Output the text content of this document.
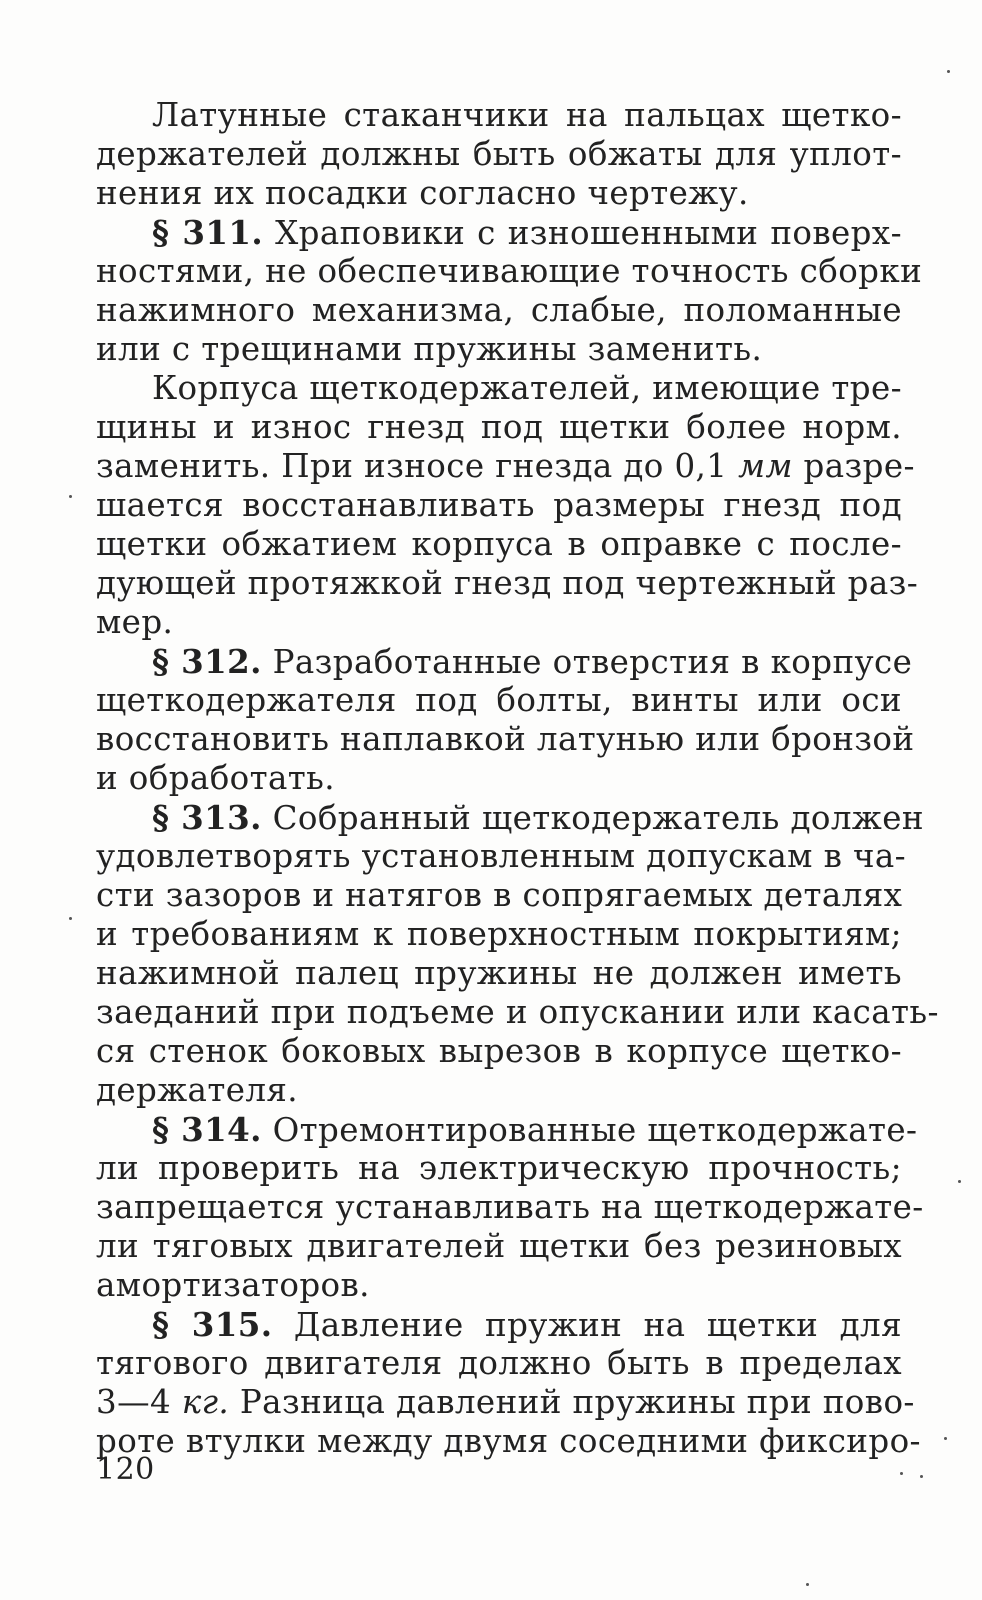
Латунные стаканчики на пальцах щетко-
держателей должны быть обжаты для уплот-
нения их посадки согласно чертежу.
§ 311. Храповики с изношенными поверх-
ностями, не обеспечивающие точность сборки
нажимного механизма, слабые, поломанные
или с трещинами пружины заменить.
Корпуса щеткодержателей, имеющие тре-
щины и износ гнезд под щетки более норм.
заменить. При износе гнезда до 0,1 мм разре-
шается восстанавливать размеры гнезд под
щетки обжатием корпуса в оправке с после-
дующей протяжкой гнезд под чертежный раз-
мер.
§ 312. Разработанные отверстия в корпусе
щеткодержателя под болты, винты или оси
восстановить наплавкой латунью или бронзой
и обработать.
§ 313. Собранный щеткодержатель должен
удовлетворять установленным допускам в ча-
сти зазоров и натягов в сопрягаемых деталях
и требованиям к поверхностным покрытиям;
нажимной палец пружины не должен иметь
заеданий при подъеме и опускании или касать-
ся стенок боковых вырезов в корпусе щетко-
держателя.
§ 314. Отремонтированные щеткодержате-
ли проверить на электрическую прочность;
запрещается устанавливать на щеткодержате-
ли тяговых двигателей щетки без резиновых
амортизаторов.
§ 315. Давление пружин на щетки для
тягового двигателя должно быть в пределах
3—4 кг. Разница давлений пружины при пово-
роте втулки между двумя соседними фиксиро-
120
